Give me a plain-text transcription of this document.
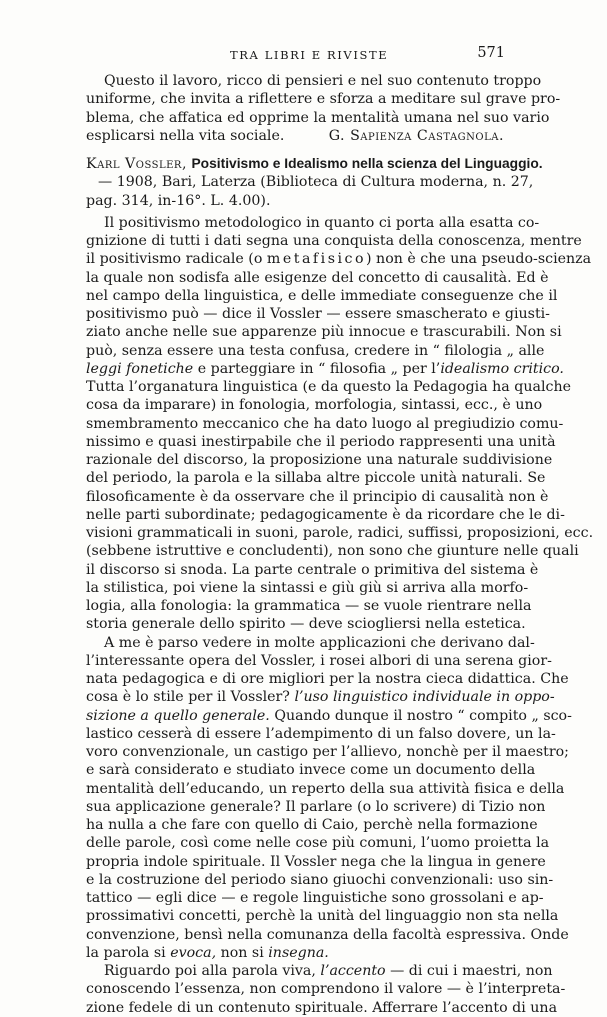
TRA LIBRI E RIVISTE	571
Questo il lavoro, ricco di pensieri e nel suo contenuto troppo
uniforme, che invita a riflettere e sforza a meditare sul grave pro-
blema, che affatica ed opprime la mentalità umana nel suo vario
esplicarsi nella vita sociale.	G. Sapienza Castagnola.
Karl Vossler, Positivismo e Idealismo nella scienza del Linguaggio.
— 1908, Bari, Laterza (Biblioteca di Cultura moderna, n. 27,
pag. 314, in-16°. L. 4.00).
Il positivismo metodologico in quanto ci porta alla esatta co-
gnizione di tutti i dati segna una conquista della conoscenza, mentre
il positivismo radicale (o metafisico) non è che una pseudo-scienza
la quale non sodisfa alle esigenze del concetto di causalità. Ed è
nel campo della linguistica, e delle immediate conseguenze che il
positivismo può — dice il Vossler — essere smascherato e giusti-
ziato anche nelle sue apparenze più innocue e trascurabili. Non si
può, senza essere una testa confusa, credere in “ filologia „ alle
leggi fonetiche e parteggiare in “ filosofia „ per l’idealismo critico.
Tutta l’organatura linguistica (e da questo la Pedagogia ha qualche
cosa da imparare) in fonologia, morfologia, sintassi, ecc., è uno
smembramento meccanico che ha dato luogo al pregiudizio comu-
nissimo e quasi inestirpabile che il periodo rappresenti una unità
razionale del discorso, la proposizione una naturale suddivisione
del periodo, la parola e la sillaba altre piccole unità naturali. Se
filosoficamente è da osservare che il principio di causalità non è
nelle parti subordinate; pedagogicamente è da ricordare che le di-
visioni grammaticali in suoni, parole, radici, suffissi, proposizioni, ecc.
(sebbene istruttive e concludenti), non sono che giunture nelle quali
il discorso si snoda. La parte centrale o primitiva del sistema è
la stilistica, poi viene la sintassi e giù giù si arriva alla morfo-
logia, alla fonologia: la grammatica — se vuole rientrare nella
storia generale dello spirito — deve sciogliersi nella estetica.
A me è parso vedere in molte applicazioni che derivano dal-
l’interessante opera del Vossler, i rosei albori di una serena gior-
nata pedagogica e di ore migliori per la nostra cieca didattica. Che
cosa è lo stile per il Vossler? l’uso linguistico individuale in oppo-
sizione a quello generale. Quando dunque il nostro “ compito „ sco-
lastico cesserà di essere l’adempimento di un falso dovere, un la-
voro convenzionale, un castigo per l’allievo, nonchè per il maestro;
e sarà considerato e studiato invece come un documento della
mentalità dell’educando, un reperto della sua attività fisica e della
sua applicazione generale? Il parlare (o lo scrivere) di Tizio non
ha nulla a che fare con quello di Caio, perchè nella formazione
delle parole, così come nelle cose più comuni, l’uomo proietta la
propria indole spirituale. Il Vossler nega che la lingua in genere
e la costruzione del periodo siano giuochi convenzionali: uso sin-
tattico — egli dice — e regole linguistiche sono grossolani e ap-
prossimativi concetti, perchè la unità del linguaggio non sta nella
convenzione, bensì nella comunanza della facoltà espressiva. Onde
la parola si evoca, non si insegna.
Riguardo poi alla parola viva, l’accento — di cui i maestri, non
conoscendo l’essenza, non comprendono il valore — è l’interpreta-
zione fedele di un contenuto spirituale. Afferrare l’accento di una
